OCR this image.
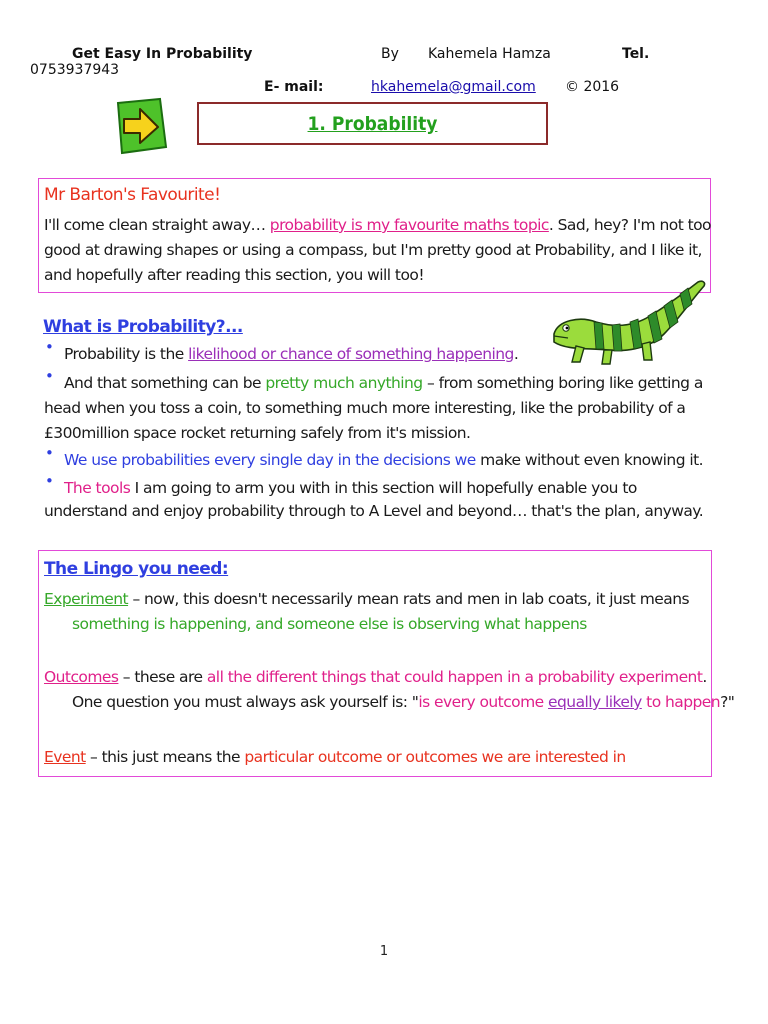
Get Easy In Probability	By Kahemela Hamza	Tel.
0753937943
E- mail:	hkahemela@gmail.com © 2016
1. Probability
Mr Barton's Favourite!
I'll come clean straight away… probability is my favourite maths topic. Sad, hey? I'm not too
good at drawing shapes or using a compass, but I'm pretty good at Probability, and I like it,
and hopefully after reading this section, you will too!
What is Probability?...
• Probability is the likelihood or chance of something happening.
• And that something can be pretty much anything – from something boring like getting a
head when you toss a coin, to something much more interesting, like the probability of a
£300million space rocket returning safely from it's mission.
• We use probabilities every single day in the decisions we make without even knowing it.
• The tools I am going to arm you with in this section will hopefully enable you to
understand and enjoy probability through to A Level and beyond… that's the plan, anyway.
The Lingo you need:
Experiment – now, this doesn't necessarily mean rats and men in lab coats, it just means
something is happening, and someone else is observing what happens
Outcomes – these are all the different things that could happen in a probability experiment.
One question you must always ask yourself is: "is every outcome equally likely to happen?"
Event – this just means the particular outcome or outcomes we are interested in
1
